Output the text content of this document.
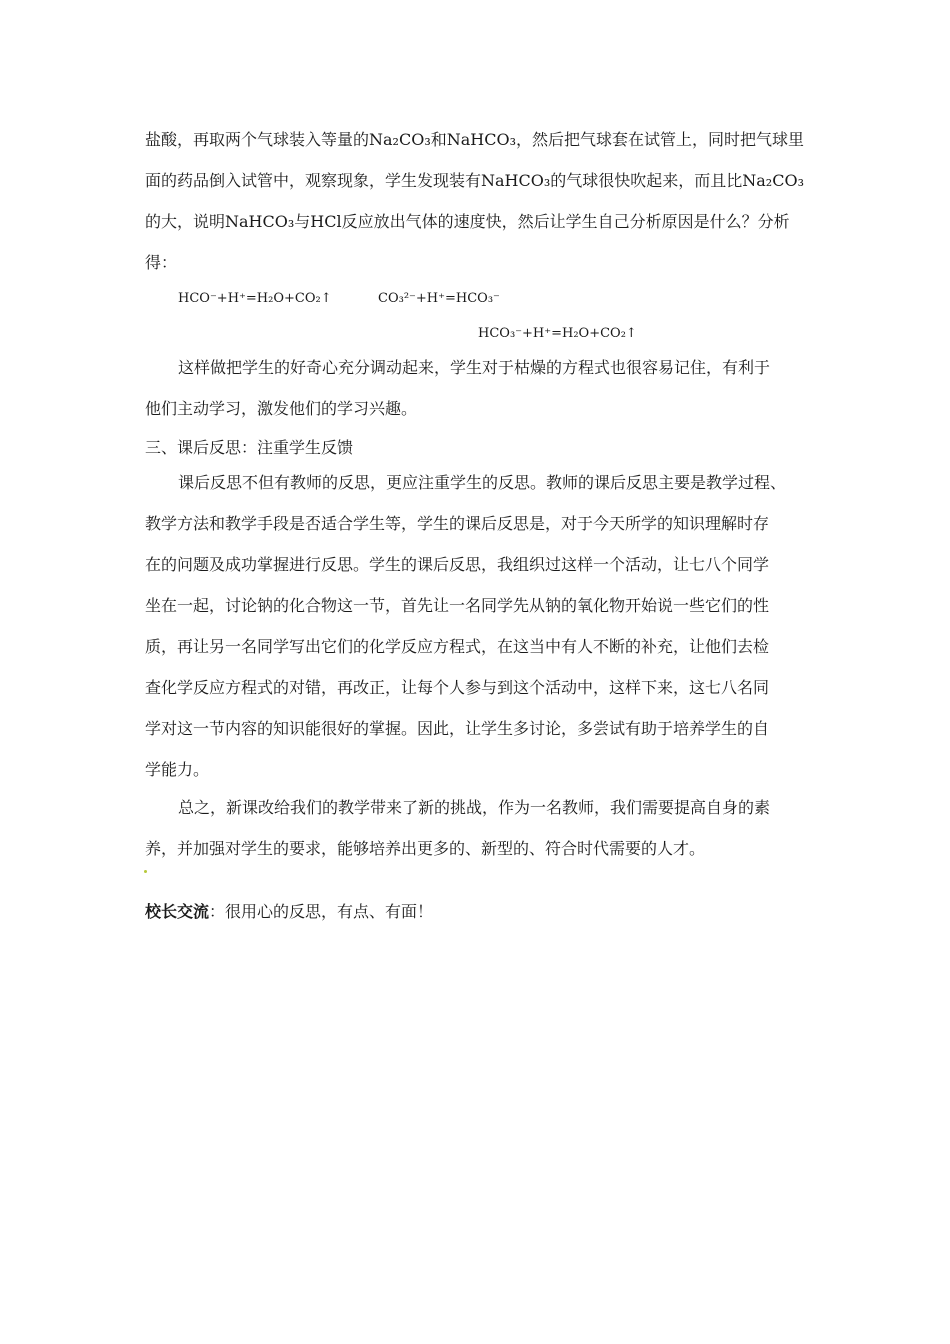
盐酸，再取两个气球装入等量的Na₂CO₃和NaHCO₃，然后把气球套在试管上，同时把气球里
面的药品倒入试管中，观察现象，学生发现装有NaHCO₃的气球很快吹起来，而且比Na₂CO₃
的大，说明NaHCO₃与HCl反应放出气体的速度快，然后让学生自己分析原因是什么？分析
得：
HCO⁻+H⁺=H₂O+CO₂↑	CO₃²⁻+H⁺=HCO₃⁻
HCO₃⁻+H⁺=H₂O+CO₂↑
这样做把学生的好奇心充分调动起来，学生对于枯燥的方程式也很容易记住，有利于
他们主动学习，激发他们的学习兴趣。
三、课后反思：注重学生反馈
课后反思不但有教师的反思，更应注重学生的反思。教师的课后反思主要是教学过程、
教学方法和教学手段是否适合学生等，学生的课后反思是，对于今天所学的知识理解时存
在的问题及成功掌握进行反思。学生的课后反思，我组织过这样一个活动，让七八个同学
坐在一起，讨论钠的化合物这一节，首先让一名同学先从钠的氧化物开始说一些它们的性
质，再让另一名同学写出它们的化学反应方程式，在这当中有人不断的补充，让他们去检
查化学反应方程式的对错，再改正，让每个人参与到这个活动中，这样下来，这七八名同
学对这一节内容的知识能很好的掌握。因此，让学生多讨论，多尝试有助于培养学生的自
学能力。
总之，新课改给我们的教学带来了新的挑战，作为一名教师，我们需要提高自身的素
养，并加强对学生的要求，能够培养出更多的、新型的、符合时代需要的人才。
校长交流：很用心的反思，有点、有面！
